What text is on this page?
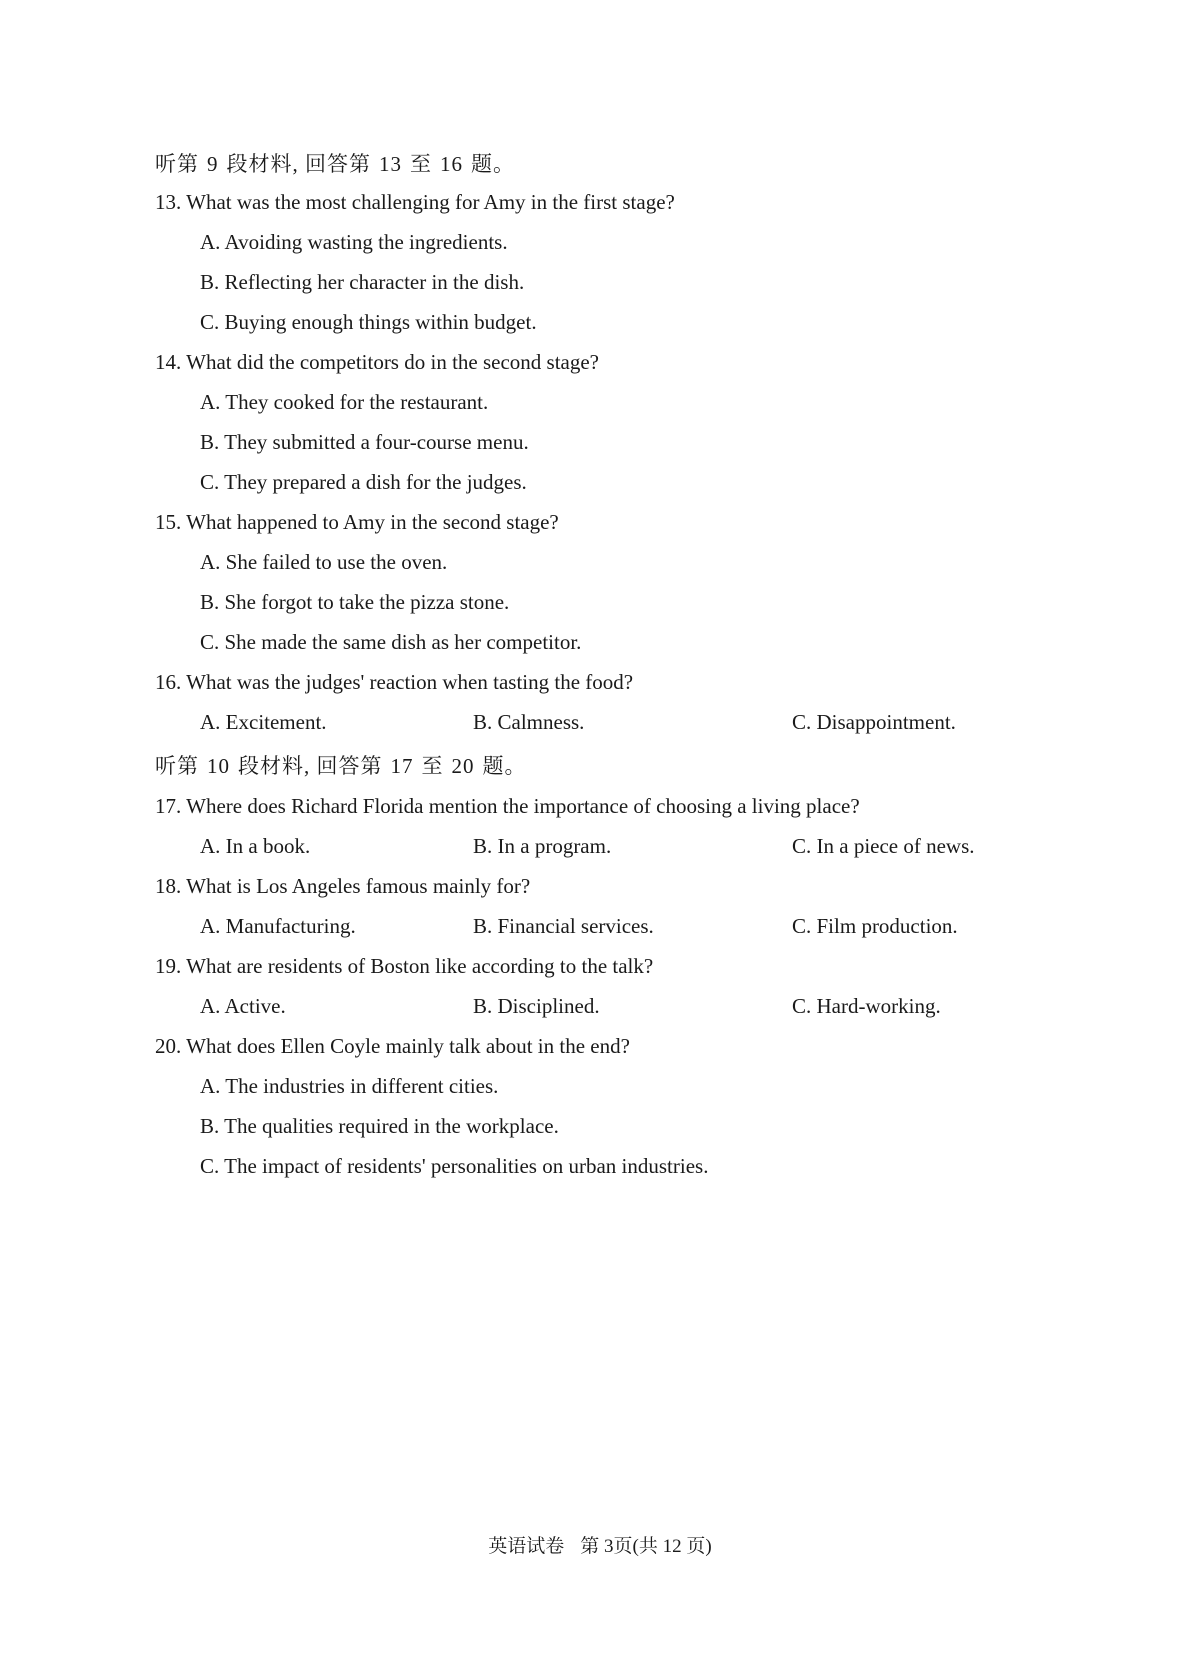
听第 9 段材料, 回答第 13 至 16 题。
13. What was the most challenging for Amy in the first stage?
A. Avoiding wasting the ingredients.
B. Reflecting her character in the dish.
C. Buying enough things within budget.
14. What did the competitors do in the second stage?
A. They cooked for the restaurant.
B. They submitted a four-course menu.
C. They prepared a dish for the judges.
15. What happened to Amy in the second stage?
A. She failed to use the oven.
B. She forgot to take the pizza stone.
C. She made the same dish as her competitor.
16. What was the judges' reaction when tasting the food?
A. Excitement.	B. Calmness.	C. Disappointment.
听第 10 段材料, 回答第 17 至 20 题。
17. Where does Richard Florida mention the importance of choosing a living place?
A. In a book.	B. In a program.	C. In a piece of news.
18. What is Los Angeles famous mainly for?
A. Manufacturing.	B. Financial services.	C. Film production.
19. What are residents of Boston like according to the talk?
A. Active.	B. Disciplined.	C. Hard-working.
20. What does Ellen Coyle mainly talk about in the end?
A. The industries in different cities.
B. The qualities required in the workplace.
C. The impact of residents' personalities on urban industries.
英语试卷 第 3页(共 12 页)
